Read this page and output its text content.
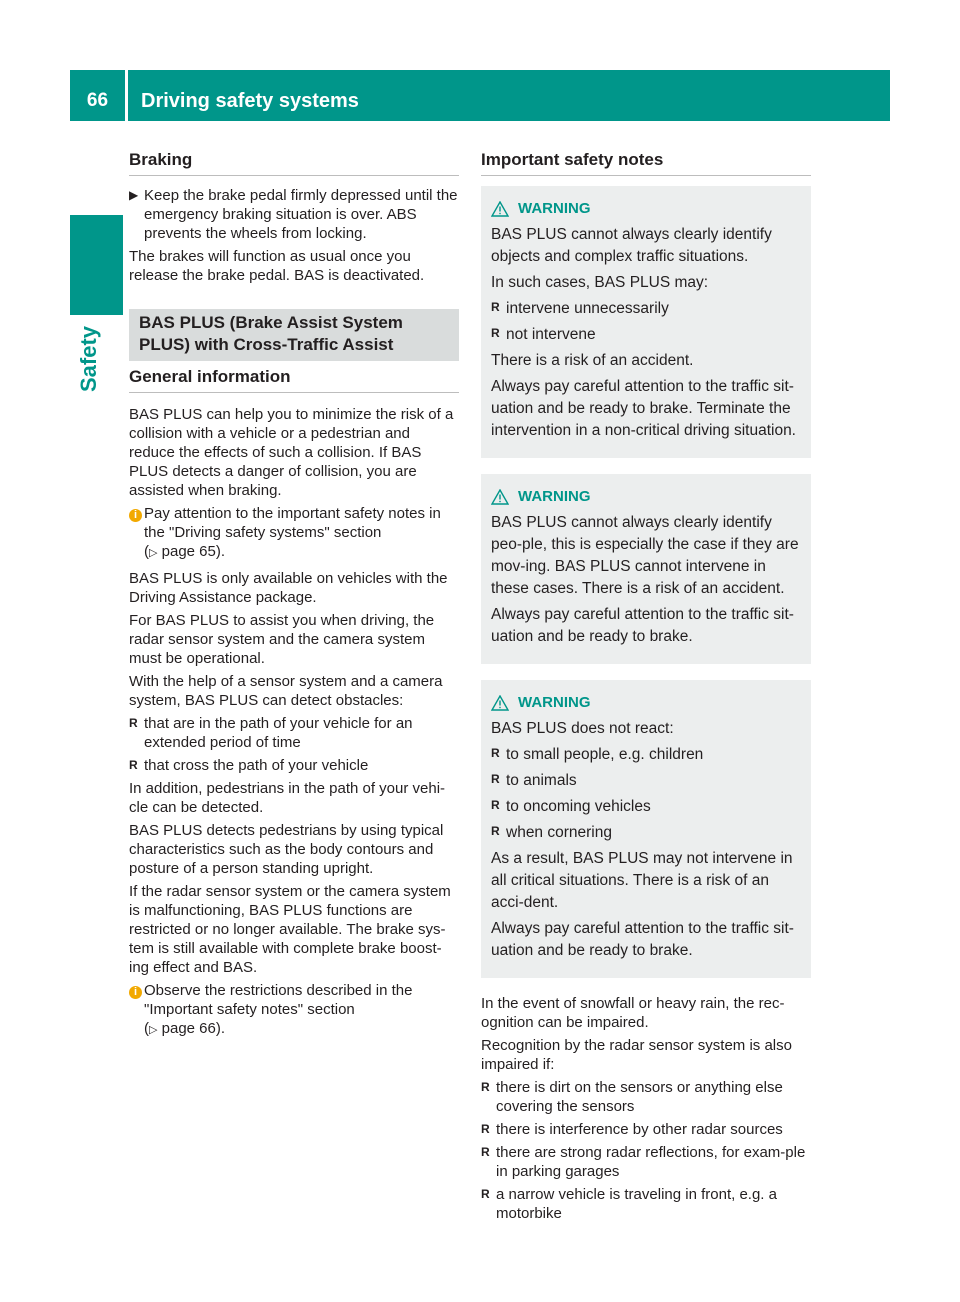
66	Driving safety systems
Safety
Braking
▶ Keep the brake pedal firmly depressed until the emergency braking situation is over. ABS prevents the wheels from locking.

The brakes will function as usual once you release the brake pedal. BAS is deactivated.

BAS PLUS (Brake Assist System PLUS) with Cross-Traffic Assist
General information

BAS PLUS can help you to minimize the risk of a collision with a vehicle or a pedestrian and reduce the effects of such a collision. If BAS PLUS detects a danger of collision, you are assisted when braking.

i Pay attention to the important safety notes in the "Driving safety systems" section
(▷ page 65).

BAS PLUS is only available on vehicles with the Driving Assistance package.

For BAS PLUS to assist you when driving, the radar sensor system and the camera system must be operational.

With the help of a sensor system and a camera system, BAS PLUS can detect obstacles:

R that are in the path of your vehicle for an extended period of time
R that cross the path of your vehicle

In addition, pedestrians in the path of your vehi-cle can be detected.

BAS PLUS detects pedestrians by using typical characteristics such as the body contours and posture of a person standing upright.

If the radar sensor system or the camera system is malfunctioning, BAS PLUS functions are restricted or no longer available. The brake sys-tem is still available with complete brake boost-ing effect and BAS.

i Observe the restrictions described in the "Important safety notes" section
(▷ page 66).
Important safety notes
WARNING

BAS PLUS cannot always clearly identify objects and complex traffic situations.

In such cases, BAS PLUS may:

R intervene unnecessarily
R not intervene

There is a risk of an accident.

Always pay careful attention to the traffic sit-uation and be ready to brake. Terminate the intervention in a non-critical driving situation.

WARNING

BAS PLUS cannot always clearly identify peo-ple, this is especially the case if they are mov-ing. BAS PLUS cannot intervene in these cases. There is a risk of an accident.

Always pay careful attention to the traffic sit-uation and be ready to brake.

WARNING

BAS PLUS does not react:

R to small people, e.g. children
R to animals
R to oncoming vehicles
R when cornering

As a result, BAS PLUS may not intervene in all critical situations. There is a risk of an acci-dent.

Always pay careful attention to the traffic sit-uation and be ready to brake.

In the event of snowfall or heavy rain, the rec-ognition can be impaired.

Recognition by the radar sensor system is also impaired if:

R there is dirt on the sensors or anything else covering the sensors
R there is interference by other radar sources
R there are strong radar reflections, for exam-ple in parking garages
R a narrow vehicle is traveling in front, e.g. a motorbike
